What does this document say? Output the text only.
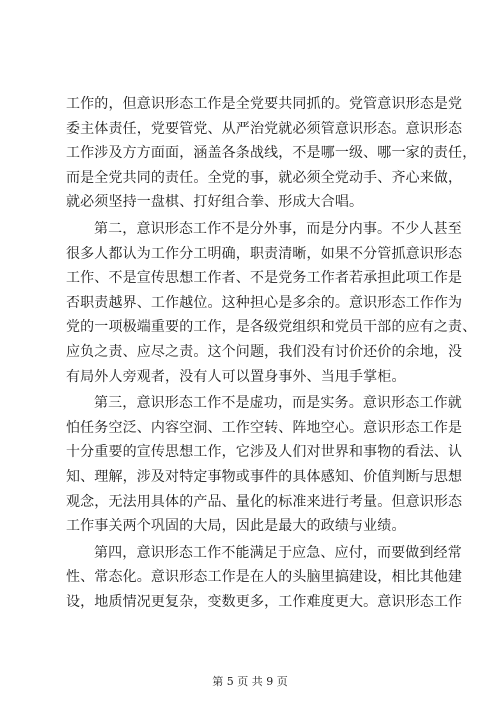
工作的，但意识形态工作是全党要共同抓的。党管意识形态是党
委主体责任，党要管党、从严治党就必须管意识形态。意识形态
工作涉及方方面面，涵盖各条战线，不是哪一级、哪一家的责任，
而是全党共同的责任。全党的事，就必须全党动手、齐心来做，
就必须坚持一盘棋、打好组合拳、形成大合唱。

第二，意识形态工作不是分外事，而是分内事。不少人甚至
很多人都认为工作分工明确，职责清晰，如果不分管抓意识形态
工作、不是宣传思想工作者、不是党务工作者若承担此项工作是
否职责越界、工作越位。这种担心是多余的。意识形态工作作为
党的一项极端重要的工作，是各级党组织和党员干部的应有之责、
应负之责、应尽之责。这个问题，我们没有讨价还价的余地，没
有局外人旁观者，没有人可以置身事外、当甩手掌柜。

第三，意识形态工作不是虚功，而是实务。意识形态工作就
怕任务空泛、内容空洞、工作空转、阵地空心。意识形态工作是
十分重要的宣传思想工作，它涉及人们对世界和事物的看法、认
知、理解，涉及对特定事物或事件的具体感知、价值判断与思想
观念，无法用具体的产品、量化的标准来进行考量。但意识形态
工作事关两个巩固的大局，因此是最大的政绩与业绩。

第四，意识形态工作不能满足于应急、应付，而要做到经常
性、常态化。意识形态工作是在人的头脑里搞建设，相比其他建
设，地质情况更复杂，变数更多，工作难度更大。意识形态工作

第 5 页 共 9 页
